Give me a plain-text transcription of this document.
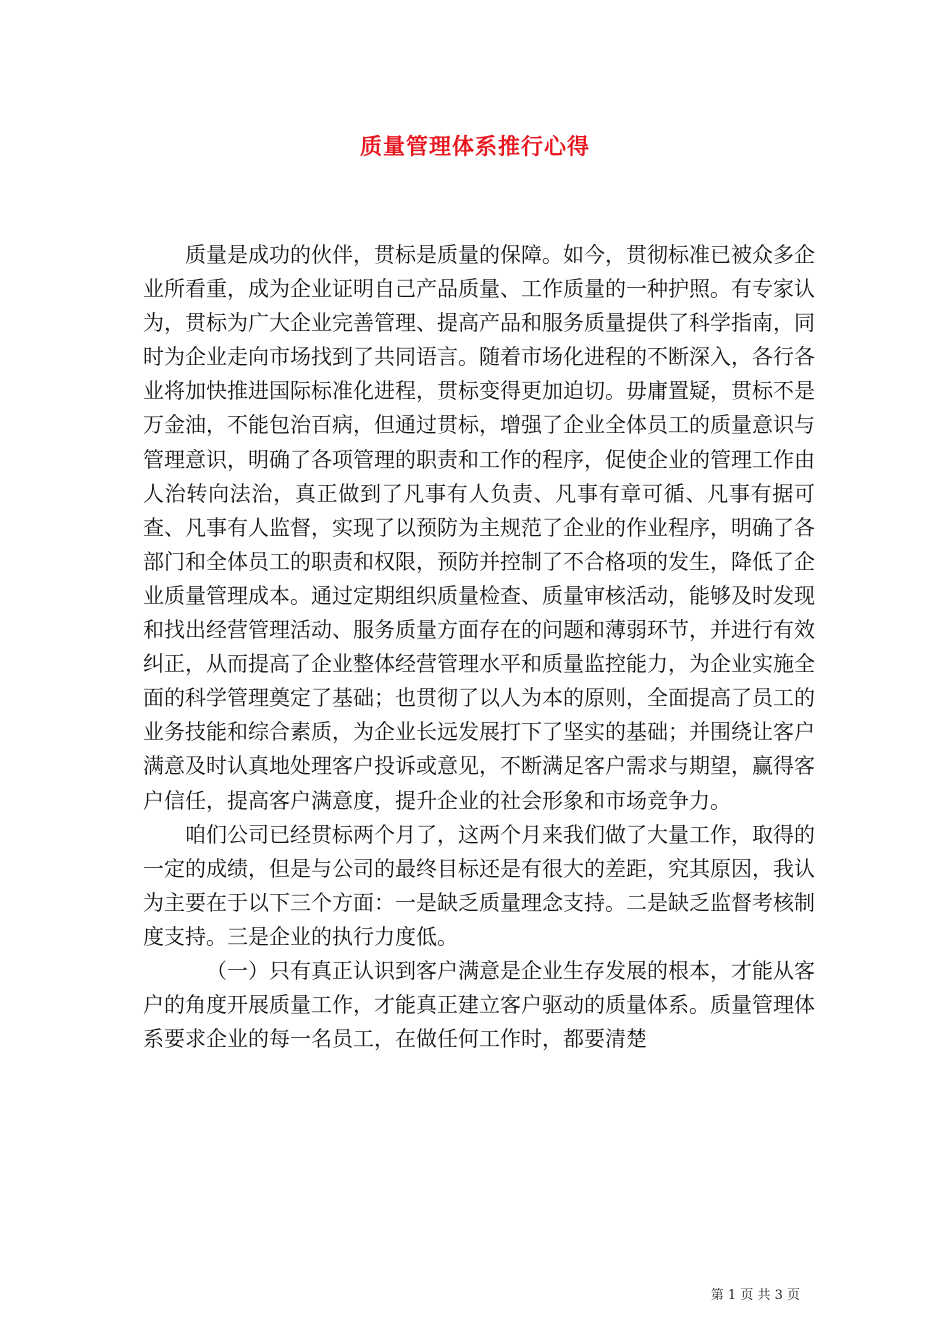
质量管理体系推行心得

质量是成功的伙伴，贯标是质量的保障。如今，贯彻标准已被众多企业所看重，成为企业证明自己产品质量、工作质量的一种护照。有专家认为，贯标为广大企业完善管理、提高产品和服务质量提供了科学指南，同时为企业走向市场找到了共同语言。随着市场化进程的不断深入，各行各业将加快推进国际标准化进程，贯标变得更加迫切。毋庸置疑，贯标不是万金油，不能包治百病，但通过贯标，增强了企业全体员工的质量意识与管理意识，明确了各项管理的职责和工作的程序，促使企业的管理工作由人治转向法治，真正做到了凡事有人负责、凡事有章可循、凡事有据可查、凡事有人监督，实现了以预防为主规范了企业的作业程序，明确了各部门和全体员工的职责和权限，预防并控制了不合格项的发生，降低了企业质量管理成本。通过定期组织质量检查、质量审核活动，能够及时发现和找出经营管理活动、服务质量方面存在的问题和薄弱环节，并进行有效纠正，从而提高了企业整体经营管理水平和质量监控能力，为企业实施全面的科学管理奠定了基础；也贯彻了以人为本的原则，全面提高了员工的业务技能和综合素质，为企业长远发展打下了坚实的基础；并围绕让客户满意及时认真地处理客户投诉或意见，不断满足客户需求与期望，赢得客户信任，提高客户满意度，提升企业的社会形象和市场竞争力。

咱们公司已经贯标两个月了，这两个月来我们做了大量工作，取得的一定的成绩，但是与公司的最终目标还是有很大的差距，究其原因，我认为主要在于以下三个方面：一是缺乏质量理念支持。二是缺乏监督考核制度支持。三是企业的执行力度低。

（一）只有真正认识到客户满意是企业生存发展的根本，才能从客户的角度开展质量工作，才能真正建立客户驱动的质量体系。质量管理体系要求企业的每一名员工，在做任何工作时，都要清楚

第 1 页 共 3 页
